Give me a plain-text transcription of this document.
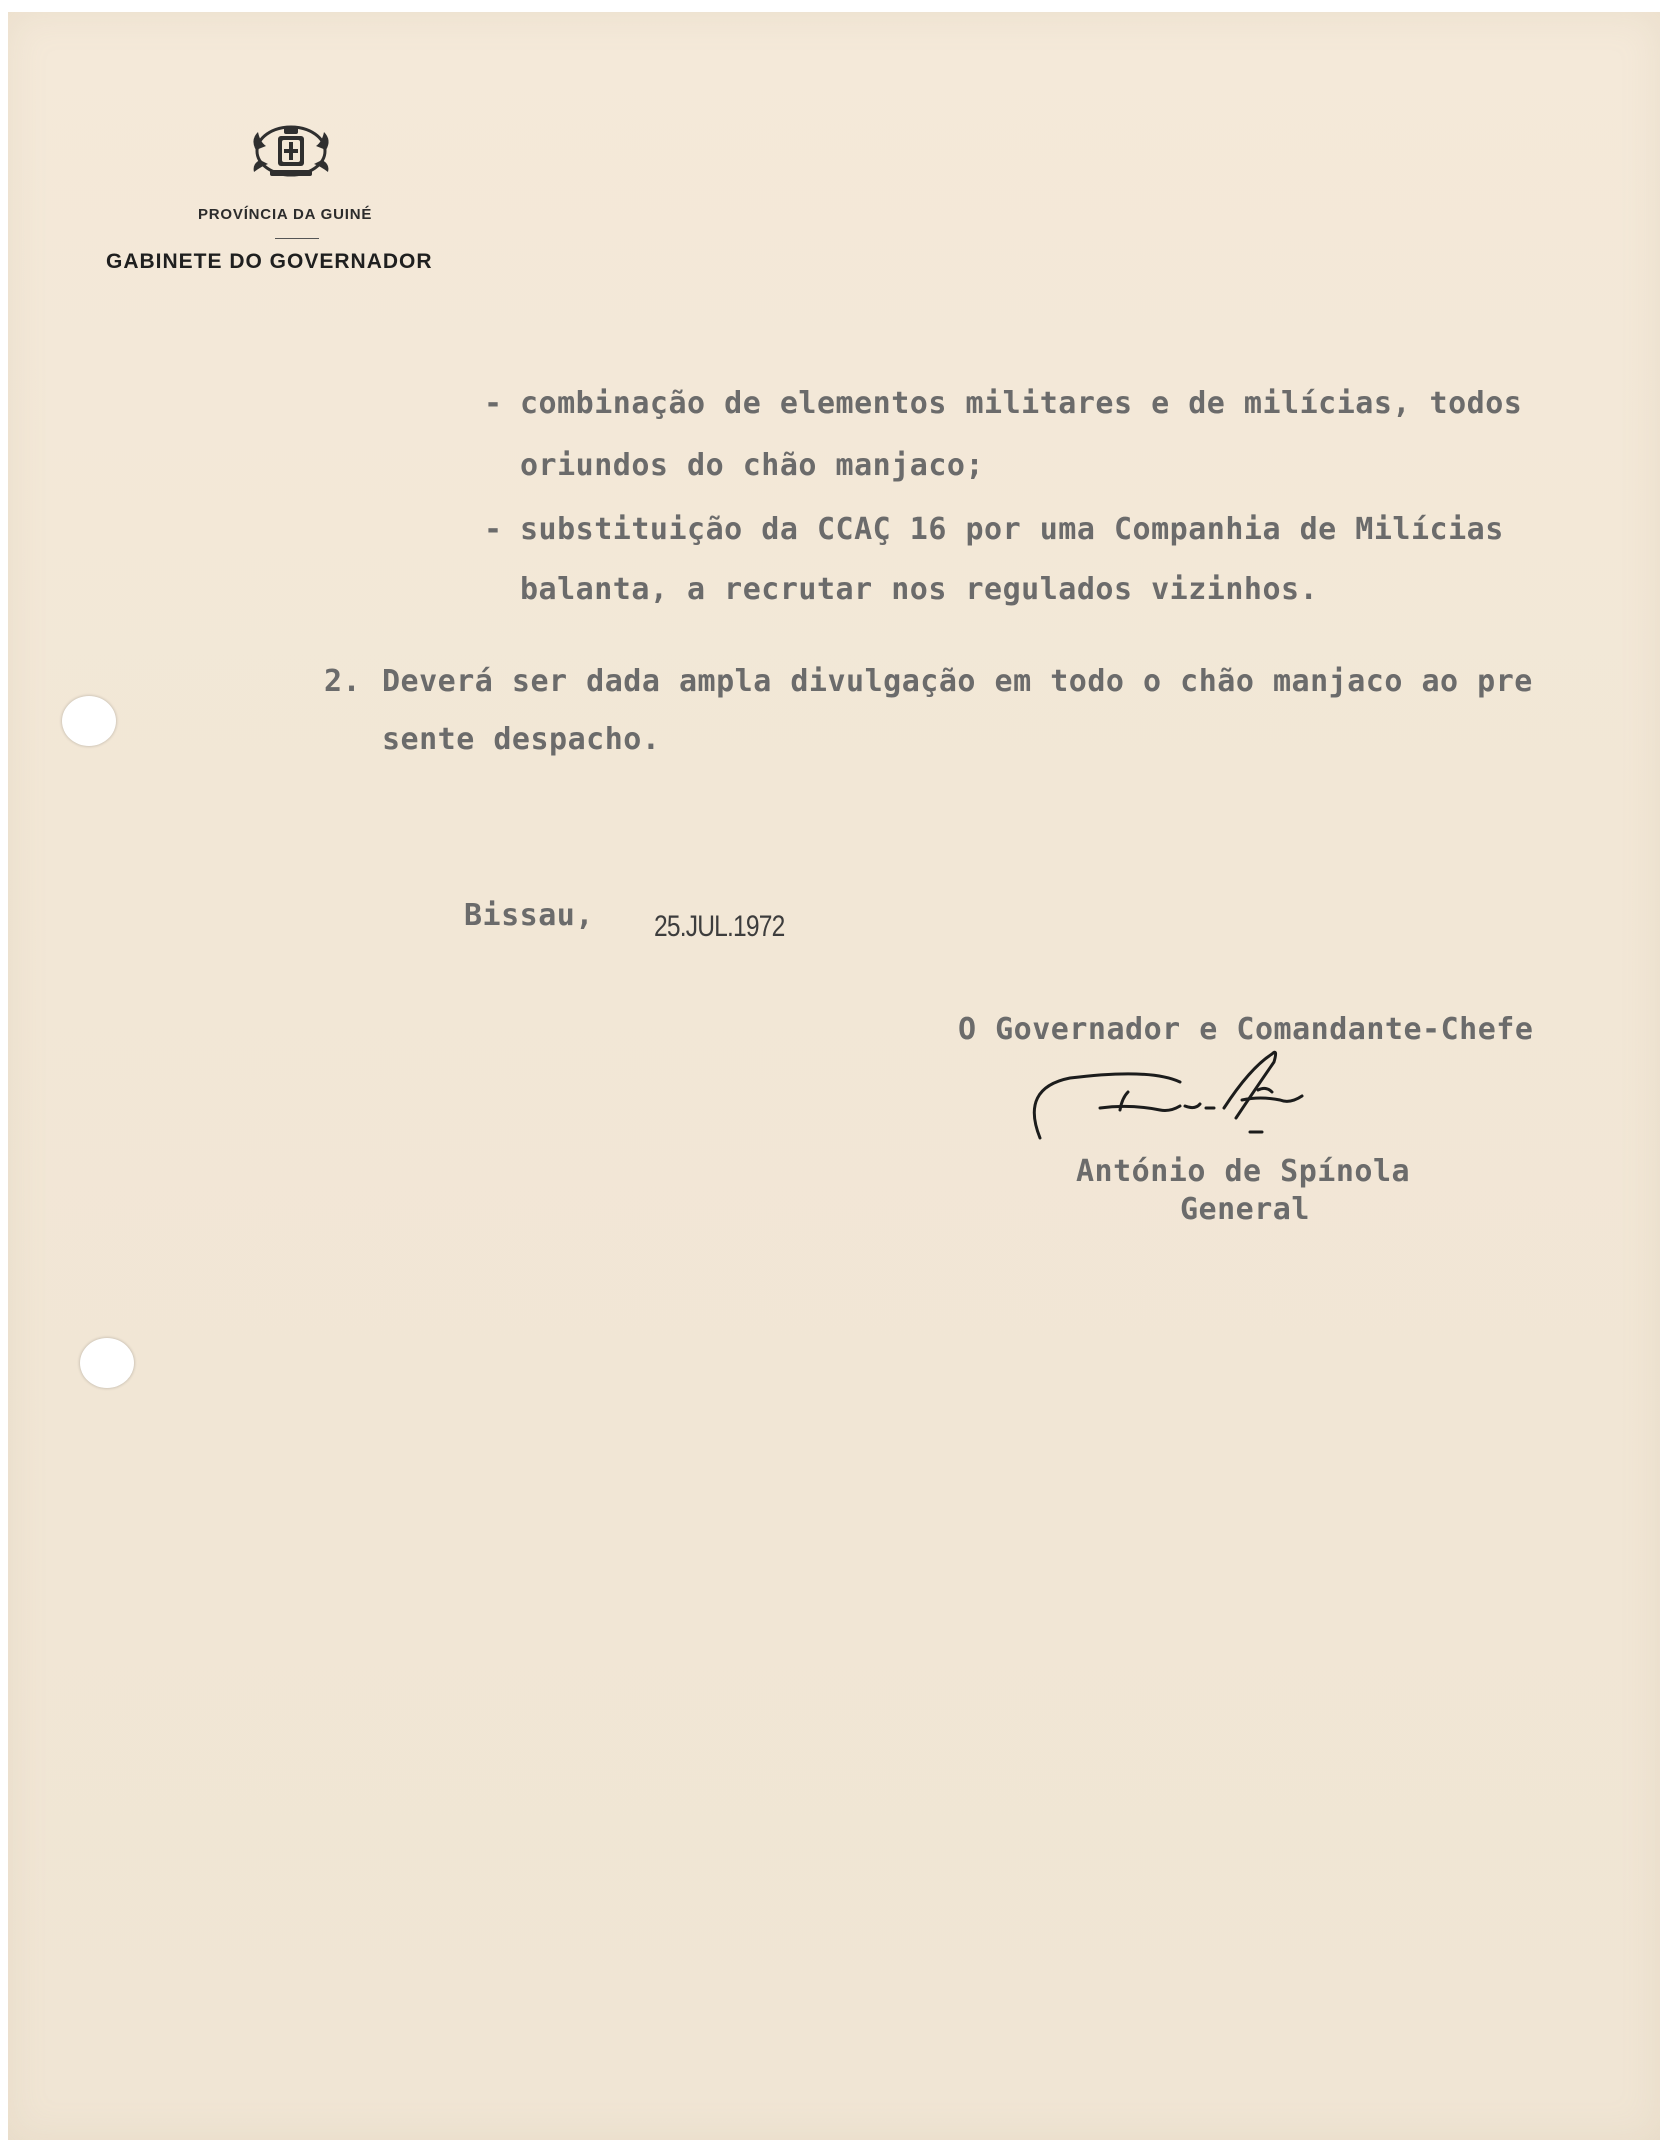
PROVÍNCIA DA GUINÉ
GABINETE DO GOVERNADOR
- combinação de elementos militares e de milícias, todos
oriundos do chão manjaco;
- substituição da CCAÇ 16 por uma Companhia de Milícias
balanta, a recrutar nos regulados vizinhos.
2. Deverá ser dada ampla divulgação em todo o chão manjaco ao pre
sente despacho.
Bissau, 25.JUL.1972
O Governador e Comandante-Chefe
António de Spínola
General
